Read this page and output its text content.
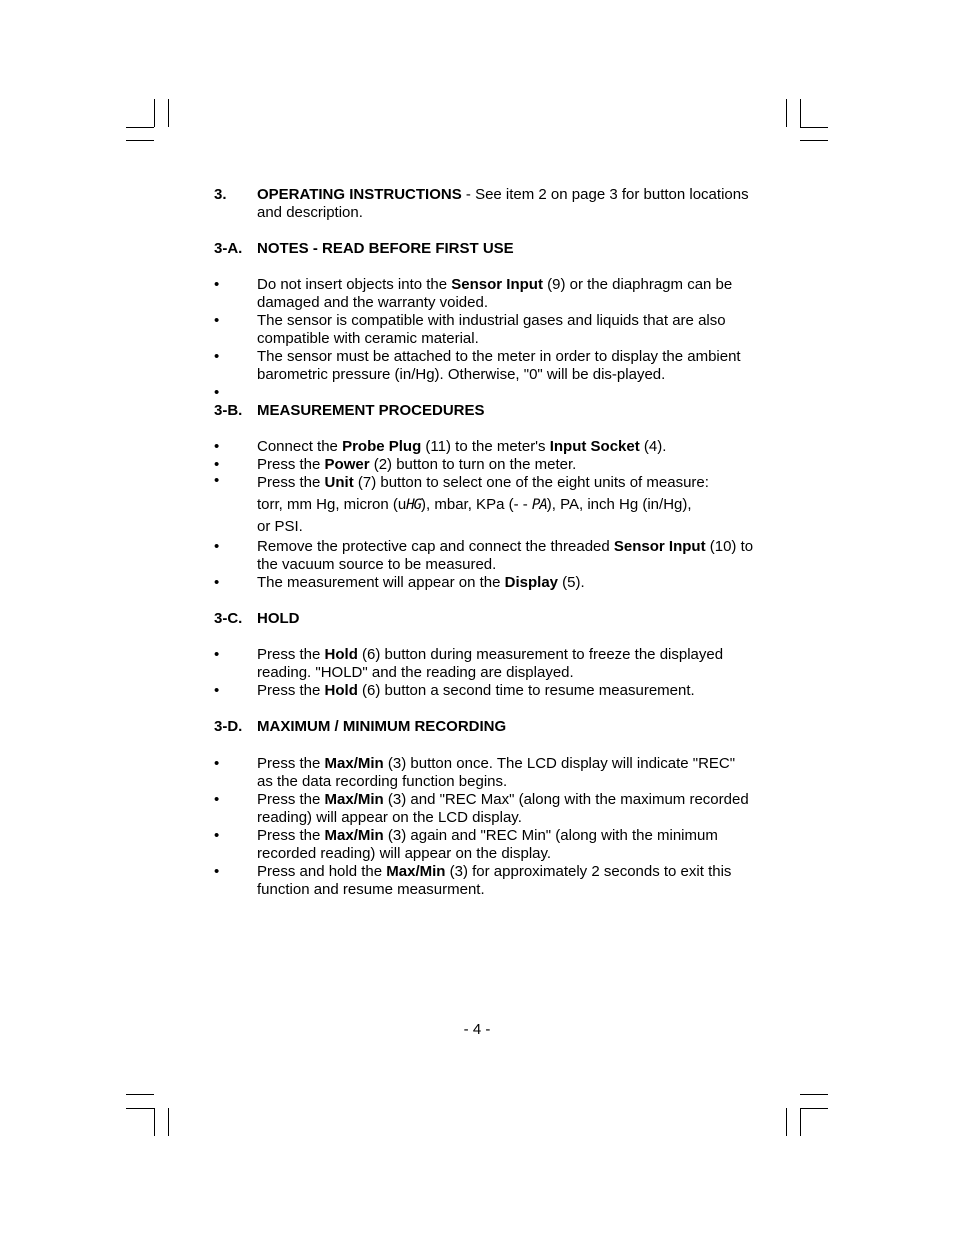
3. OPERATING INSTRUCTIONS - See item 2 on page 3 for button locations and description.
3-A. NOTES - READ BEFORE FIRST USE
•	Do not insert objects into the Sensor Input (9) or the diaphragm can be damaged and the warranty voided.
•	The sensor is compatible with industrial gases and liquids that are also compatible with ceramic material.
•	The sensor must be attached to the meter in order to display the ambient barometric pressure (in/Hg). Otherwise, "0" will be dis-played.
•

3-B. MEASUREMENT PROCEDURES
•	Connect the Probe Plug (11) to the meter's Input Socket (4).
•	Press the Power (2) button to turn on the meter.
•	Press the Unit (7) button to select one of the eight units of measure:
torr, mm Hg, micron (uHG), mbar, KPa (- - PA), PA, inch Hg (in/Hg),
or PSI.
•	Remove the protective cap and connect the threaded Sensor Input (10) to the vacuum source to be measured.
•	The measurement will appear on the Display (5).
3-C. HOLD
•	Press the Hold (6) button during measurement to freeze the displayed reading. "HOLD" and the reading are displayed.
•	Press the Hold (6) button a second time to resume measurement.
3-D. MAXIMUM / MINIMUM RECORDING
•	Press the Max/Min (3) button once. The LCD display will indicate "REC" as the data recording function begins.
•	Press the Max/Min (3) and "REC Max" (along with the maximum recorded reading) will appear on the LCD display.
•	Press the Max/Min (3) again and "REC Min" (along with the minimum recorded reading) will appear on the display.
•	Press and hold the Max/Min (3) for approximately 2 seconds to exit this function and resume measurment.
- 4 -
